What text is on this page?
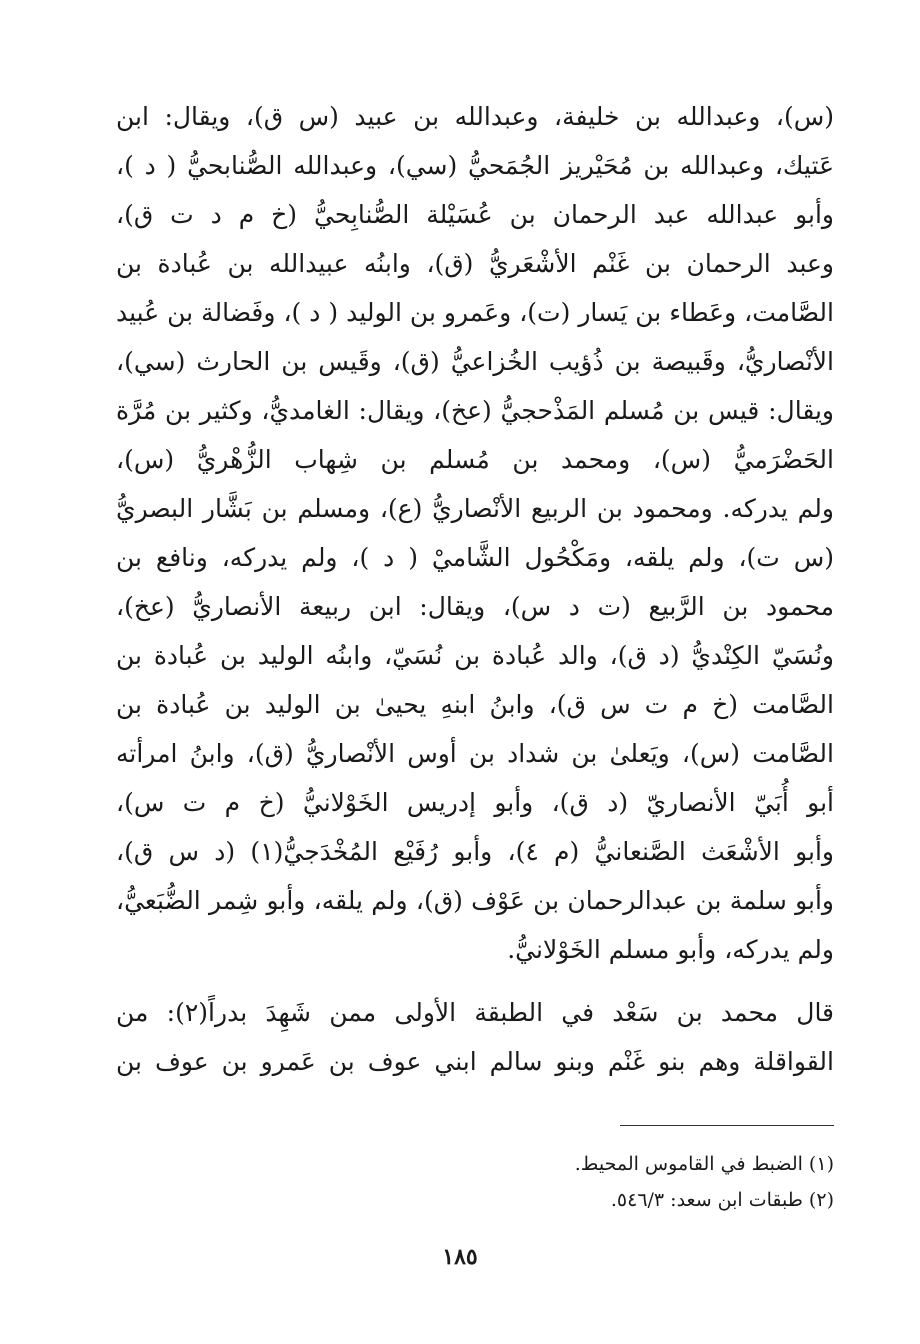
(س)، وعبدالله بن خليفة، وعبدالله بن عبيد (س ق)، ويقال: ابن
عَتيك، وعبدالله بن مُحَيْريز الجُمَحيُّ (سي)، وعبدالله الصُّنابحيُّ ( د )،
وأبو عبدالله عبد الرحمان بن عُسَيْلة الصُّنابِحيُّ (خ م د ت ق)،
وعبد الرحمان بن غَنْم الأشْعَريُّ (ق)، وابنُه عبيدالله بن عُبادة بن
الصَّامت، وعَطاء بن يَسار (ت)، وعَمرو بن الوليد ( د )، وفَضالة بن عُبيد
الأنْصاريُّ، وقَبيصة بن ذُؤيب الخُزاعيُّ (ق)، وقَيس بن الحارث (سي)،
ويقال: قيس بن مُسلم المَذْحجيُّ (عخ)، ويقال: الغامديُّ، وكثير بن مُرَّة
الحَضْرَميُّ (س)، ومحمد بن مُسلم بن شِهاب الزُّهْريُّ (س)،
ولم يدركه. ومحمود بن الربيع الأنْصاريُّ (ع)، ومسلم بن بَشَّار البصريُّ
(س ت)، ولم يلقه، ومَكْحُول الشَّاميْ ( د )، ولم يدركه، ونافع بن
محمود بن الرَّبيع (ت د س)، ويقال: ابن ربيعة الأنصاريُّ (عخ)،
ونُسَيّ الكِنْديُّ (د ق)، والد عُبادة بن نُسَيّ، وابنُه الوليد بن عُبادة بن
الصَّامت (خ م ت س ق)، وابنُ ابنهِ يحيىٰ بن الوليد بن عُبادة بن
الصَّامت (س)، ويَعلىٰ بن شداد بن أوس الأنْصاريُّ (ق)، وابنُ امرأته
أبو أُبَيّ الأنصاريّ (د ق)، وأبو إدريس الخَوْلانيُّ (خ م ت س)،
وأبو الأشْعَث الصَّنعانيُّ (م ٤)، وأبو رُفَيْع المُخْدَجيُّ(١) (د س ق)،
وأبو سلمة بن عبدالرحمان بن عَوْف (ق)، ولم يلقه، وأبو شِمر الضُّبَعيُّ،
ولم يدركه، وأبو مسلم الخَوْلانيُّ.
قال محمد بن سَعْد في الطبقة الأولى ممن شَهِدَ بدراً(٢): من
القواقلة وهم بنو غَنْم وبنو سالم ابني عوف بن عَمرو بن عوف بن
(١) الضبط في القاموس المحيط.
(٢) طبقات ابن سعد: ٥٤٦/٣.
١٨٥
